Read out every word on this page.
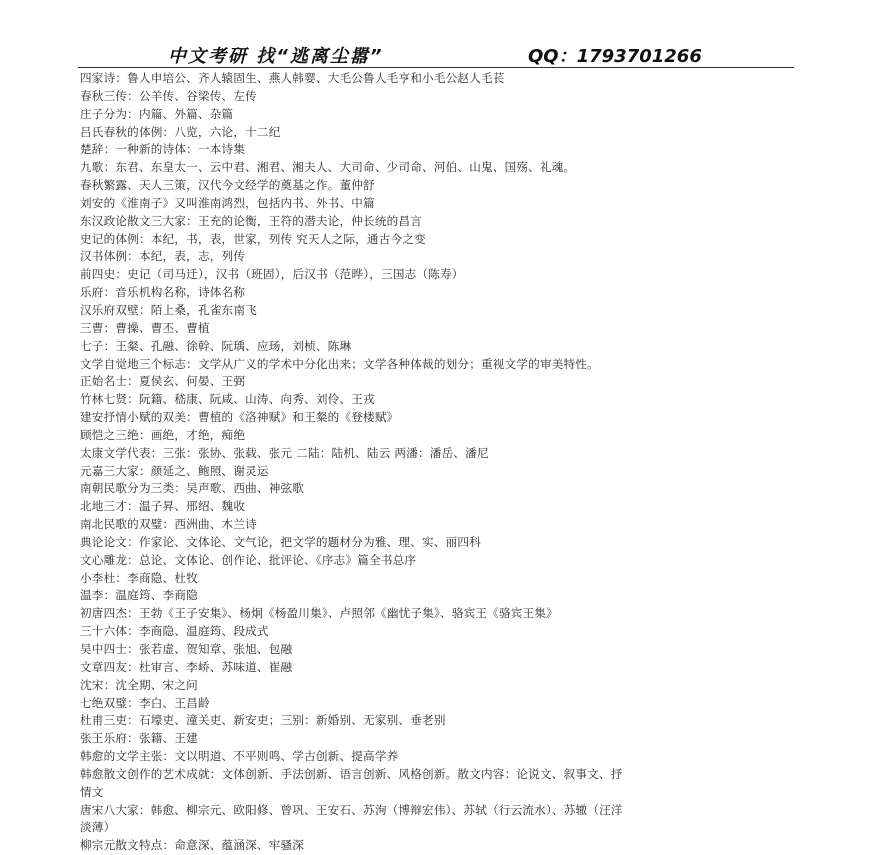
中文考研 找“逃离尘嚣”	QQ：1793701266
四家诗：鲁人申培公、齐人辕固生、燕人韩婴、大毛公鲁人毛亨和小毛公赵人毛苌
春秋三传：公羊传、谷梁传、左传
庄子分为：内篇、外篇、杂篇
吕氏春秋的体例：八览，六论，十二纪
楚辞：一种新的诗体：一本诗集
九歌：东君、东皇太一、云中君、湘君、湘夫人、大司命、少司命、河伯、山鬼、国殇、礼魂。
春秋繁露、天人三策，汉代今文经学的奠基之作。董仲舒
刘安的《淮南子》又叫淮南鸿烈，包括内书、外书、中篇
东汉政论散文三大家：王充的论衡，王符的潜夫论，仲长统的昌言
史记的体例：本纪，书，表，世家，列传 究天人之际，通古今之变
汉书体例：本纪，表，志，列传
前四史：史记（司马迁），汉书（班固），后汉书（范晔），三国志（陈寿）
乐府：音乐机构名称，诗体名称
汉乐府双壁：陌上桑，孔雀东南飞
三曹：曹操、曹丕、曹植
七子：王粲、孔融、徐幹、阮瑀、应玚，刘桢、陈琳
文学自觉地三个标志：文学从广义的学术中分化出来；文学各种体裁的划分；重视文学的审美特性。
正始名士：夏侯玄、何晏、王弼
竹林七贤：阮籍、嵇康、阮咸、山涛、向秀、刘伶、王戎
建安抒情小赋的双美：曹植的《洛神赋》和王粲的《登楼赋》
顾恺之三绝：画绝，才绝，痴绝
太康文学代表：三张：张协、张载、张元 二陆：陆机、陆云 两潘：潘岳、潘尼
元嘉三大家：颜延之、鲍照、谢灵运
南朝民歌分为三类：吴声歌、西曲、神弦歌
北地三才：温子昇、邢绍、魏收
南北民歌的双璧：西洲曲、木兰诗
典论论文：作家论、文体论、文气论，把文学的题材分为雅、理、实、丽四科
文心雕龙：总论、文体论、创作论、批评论、《序志》篇全书总序
小李杜：李商隐、杜牧
温李：温庭筠、李商隐
初唐四杰：王勃《王子安集》、杨炯《杨盈川集》、卢照邻《幽忧子集》、骆宾王《骆宾王集》
三十六体：李商隐、温庭筠、段成式
吴中四士：张若虚、贺知章、张旭、包融
文章四友：杜审言、李峤、苏味道、崔融
沈宋：沈全期、宋之问
七绝双璧：李白、王昌龄
杜甫三吏：石壕吏、潼关吏、新安吏；三别：新婚别、无家别、垂老别
张王乐府：张籍、王建
韩愈的文学主张：文以明道、不平则鸣、学古创新、提高学养
韩愈散文创作的艺术成就：文体创新、手法创新、语言创新、风格创新。散文内容：论说文、叙事文、抒
情文
唐宋八大家：韩愈、柳宗元、欧阳修、曾巩、王安石、苏洵（博辩宏伟）、苏轼（行云流水）、苏辙（汪洋
淡薄）
柳宗元散文特点：命意深、蕴涵深、牢骚深
